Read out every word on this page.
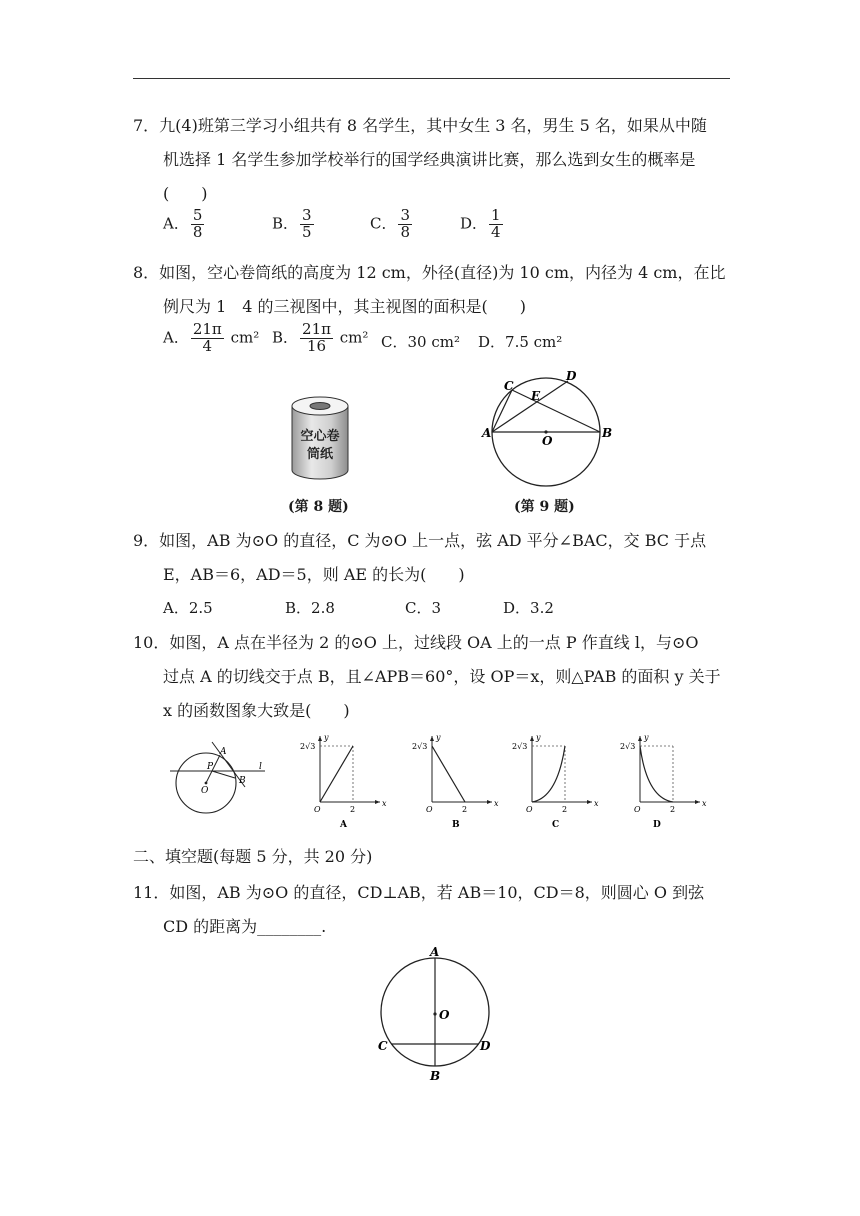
7．九(4)班第三学习小组共有 8 名学生，其中女生 3 名，男生 5 名，如果从中随
机选择 1 名学生参加学校举行的国学经典演讲比赛，那么选到女生的概率是
(　　)
A． $\frac{5}{8}$	B． $\frac{3}{5}$	C． $\frac{3}{8}$	D． $\frac{1}{4}$
8．如图，空心卷筒纸的高度为 12 cm，外径(直径)为 10 cm，内径为 4 cm，在比
例尺为 1　4 的三视图中，其主视图的面积是(　　)
A． $\frac{21\pi}{4} cm^2$ B． $\frac{21\pi}{16} cm^2$ C．30 cm² D．7.5 cm²
空心卷
筒纸
(第 8 题)
A	B
C
D
E
O
(第 9 题)
9．如图，AB 为⊙O 的直径，C 为⊙O 上一点，弦 AD 平分∠BAC，交 BC 于点
E，AB＝6，AD＝5，则 AE 的长为(　　)
A．2.5	B．2.8	C．3	D．3.2
10．如图，A 点在半径为 2 的⊙O 上，过线段 OA 上的一点 P 作直线 l，与⊙O
过点 A 的切线交于点 B，且∠APB＝60°，设 OP＝x，则△PAB 的面积 y 关于
x 的函数图象大致是(　　)
A
P
O
B
l
2√3
2
O
x
y
A
2√3
2
O
x
y
B
2√3
2
O
x
y
C
2√3
2
O
x
y
D
二、填空题(每题 5 分，共 20 分)
11．如图，AB 为⊙O 的直径，CD⊥AB，若 AB＝10，CD＝8，则圆心 O 到弦
CD 的距离为________.
A
B
C	D
O
